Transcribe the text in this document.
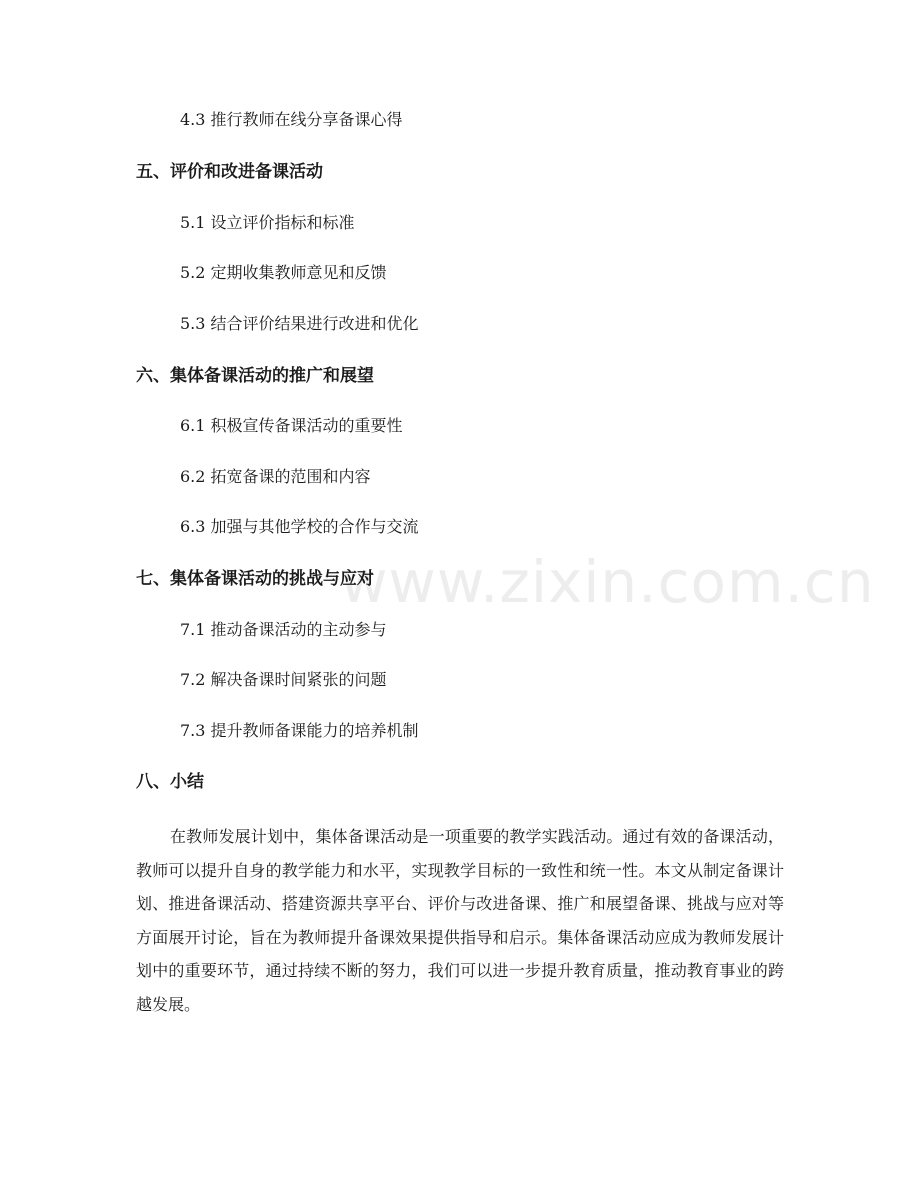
www.zixin.com.cn
4.3 推行教师在线分享备课心得
五、评价和改进备课活动
5.1 设立评价指标和标准
5.2 定期收集教师意见和反馈
5.3 结合评价结果进行改进和优化
六、集体备课活动的推广和展望
6.1 积极宣传备课活动的重要性
6.2 拓宽备课的范围和内容
6.3 加强与其他学校的合作与交流
七、集体备课活动的挑战与应对
7.1 推动备课活动的主动参与
7.2 解决备课时间紧张的问题
7.3 提升教师备课能力的培养机制
八、小结

在教师发展计划中，集体备课活动是一项重要的教学实践活动。通过有效的备课活动，教师可以提升自身的教学能力和水平，实现教学目标的一致性和统一性。本文从制定备课计划、推进备课活动、搭建资源共享平台、评价与改进备课、推广和展望备课、挑战与应对等方面展开讨论，旨在为教师提升备课效果提供指导和启示。集体备课活动应成为教师发展计划中的重要环节，通过持续不断的努力，我们可以进一步提升教育质量，推动教育事业的跨越发展。
